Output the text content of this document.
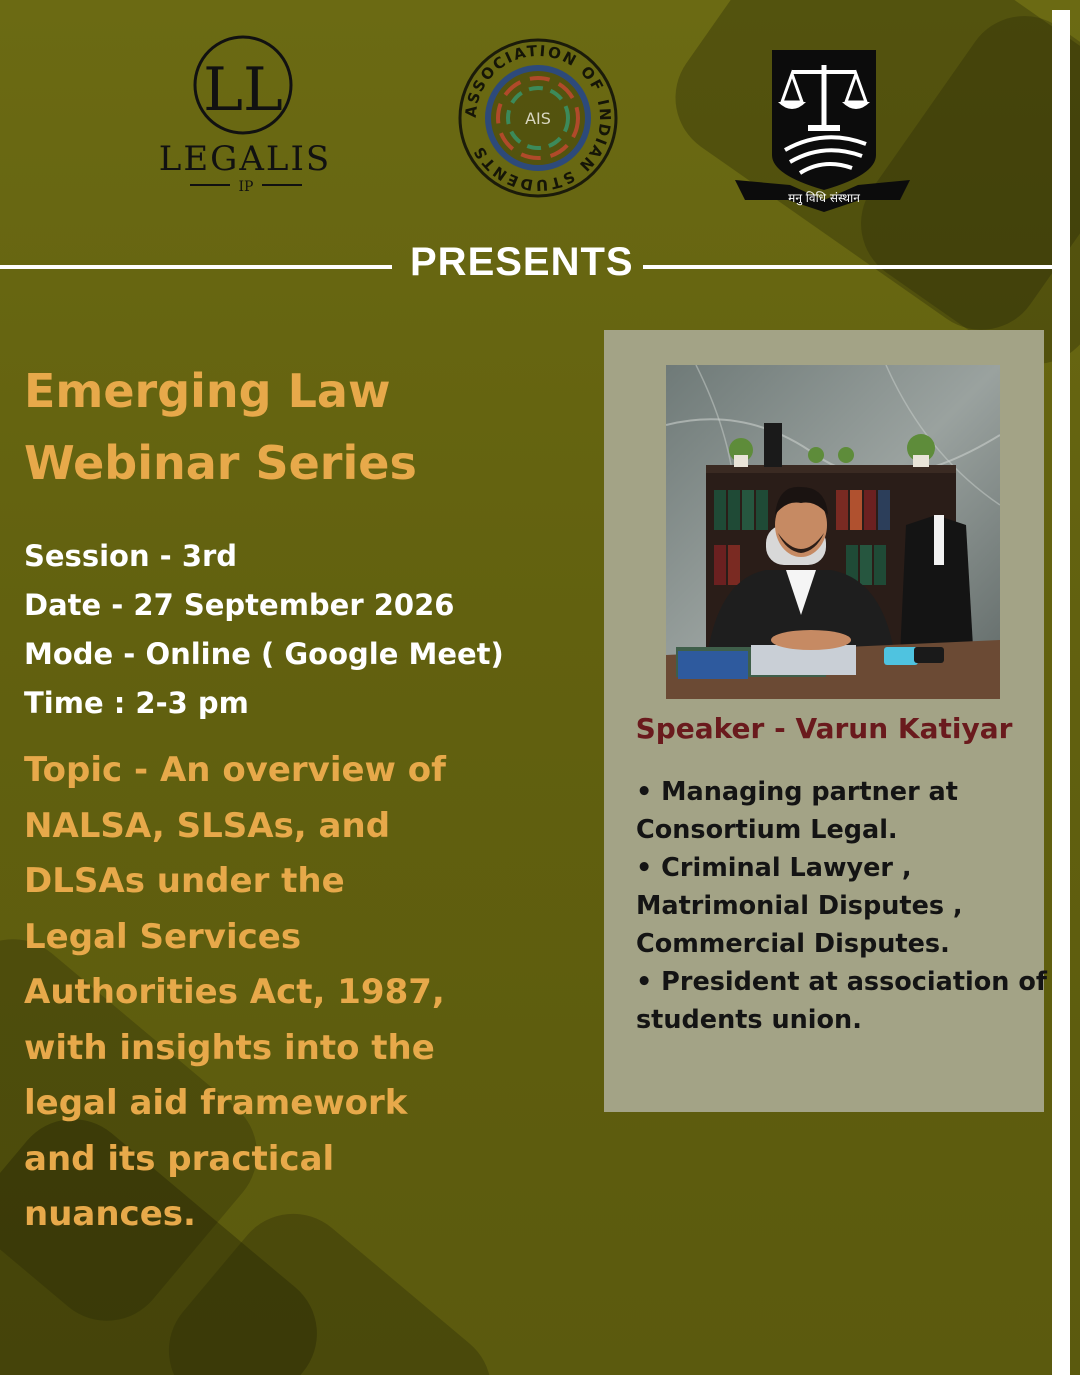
LL
LEGALIS
IP
ASSOCIATION OF INDIAN STUDENTS
AIS
मनु विधि संस्थान
PRESENTS
Emerging Law
Webinar Series
Session - 3rd
Date - 27 September 2026
Mode - Online ( Google Meet)
Time : 2-3 pm
Topic - An overview of
NALSA, SLSAs, and
DLSAs under the
Legal Services
Authorities Act, 1987,
with insights into the
legal aid framework
and its practical
nuances.
Speaker - Varun Katiyar
• Managing partner at
Consortium Legal.
• Criminal Lawyer ,
Matrimonial Disputes ,
Commercial Disputes.
• President at association of
students union.
